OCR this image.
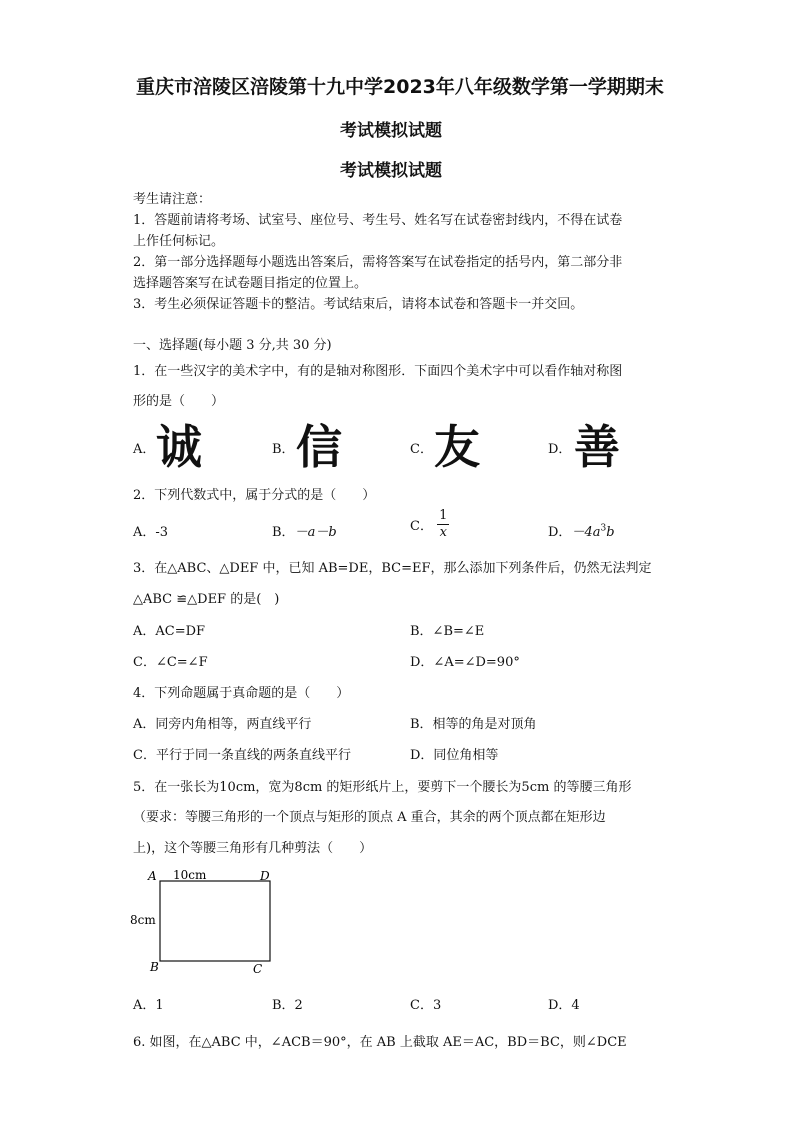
重庆市涪陵区涪陵第十九中学2023年八年级数学第一学期期末
考试模拟试题
考试模拟试题
考生请注意：
1．答题前请将考场、试室号、座位号、考生号、姓名写在试卷密封线内，不得在试卷
上作任何标记。
2．第一部分选择题每小题选出答案后，需将答案写在试卷指定的括号内，第二部分非
选择题答案写在试卷题目指定的位置上。
3．考生必须保证答题卡的整洁。考试结束后，请将本试卷和答题卡一并交回。
一、选择题(每小题 3 分,共 30 分)
1．在一些汉字的美术字中，有的是轴对称图形．下面四个美术字中可以看作轴对称图
形的是（　　）
A． 诚	B． 信	C． 友	D． 善
2．下列代数式中，属于分式的是（　　）
A．-3	B．－a－b	C． $\frac{1}{x}$	D．$-4a^3b$
3．在△ABC、△DEF 中，已知 AB=DE，BC=EF，那么添加下列条件后，仍然无法判定
△ABC ≌△DEF 的是(　)
A．AC=DF	B．∠B=∠E
C．∠C=∠F	D．∠A=∠D=90°
4．下列命题属于真命题的是（　　）
A．同旁内角相等，两直线平行	B．相等的角是对顶角
C．平行于同一条直线的两条直线平行	D．同位角相等
5．在一张长为10cm，宽为8cm 的矩形纸片上，要剪下一个腰长为5cm 的等腰三角形
（要求：等腰三角形的一个顶点与矩形的顶点 A 重合，其余的两个顶点都在矩形边
上)，这个等腰三角形有几种剪法（　　）
A	D
B	C
10cm
8cm
A．1	B．2	C．3	D．4
6. 如图，在△ABC 中，∠ACB＝90°，在 AB 上截取 AE＝AC，BD＝BC，则∠DCE
